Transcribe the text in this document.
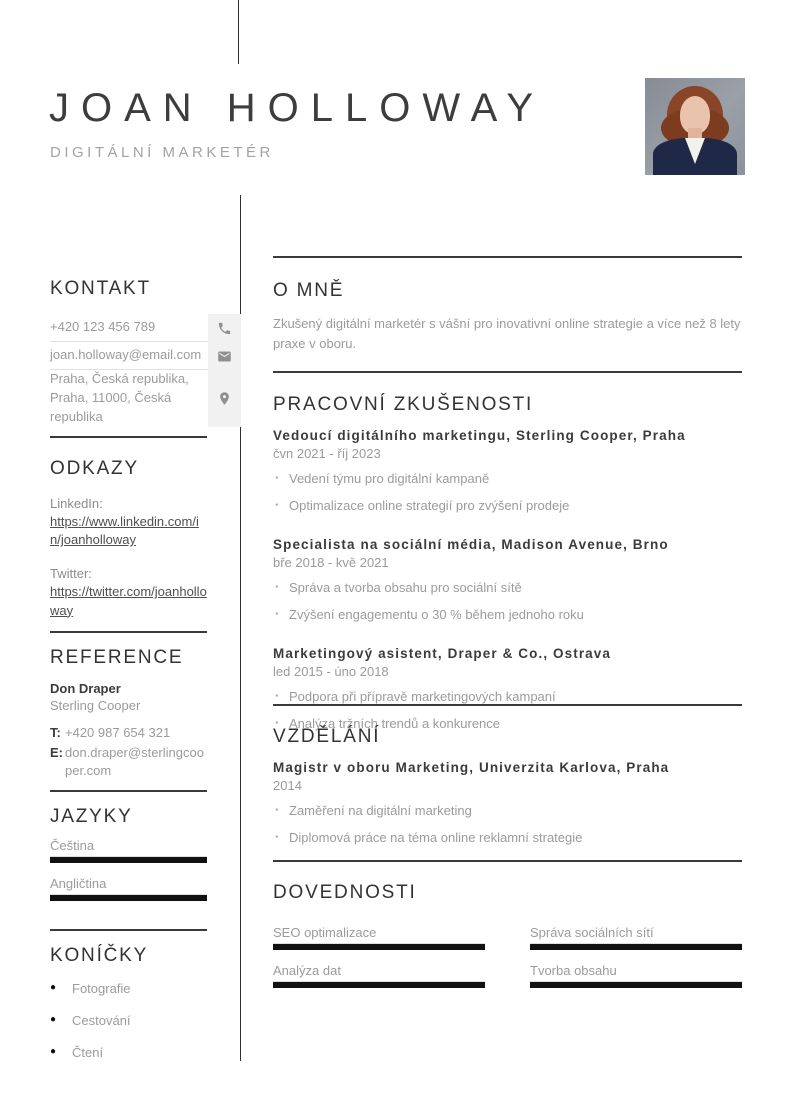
JOAN HOLLOWAY
DIGITÁLNÍ MARKETÉR
KONTAKT
+420 123 456 789
joan.holloway@email.com
Praha, Česká republika,
Praha, 11000, Česká republika
ODKAZY
LinkedIn:
https://www.linkedin.com/in/joanholloway
Twitter:
https://twitter.com/joanholloway
REFERENCE
Don Draper
Sterling Cooper
T: +420 987 654 321
E: don.draper@sterlingcooper.com
JAZYKY
Čeština
Angličtina
KONÍČKY
● Fotografie
● Cestování
● Čtení
O MNĚ
Zkušený digitální marketér s vášní pro inovativní online strategie a více než 8 lety praxe v oboru.
PRACOVNÍ ZKUŠENOSTI
Vedoucí digitálního marketingu, Sterling Cooper, Praha
čvn 2021 - říj 2023
· Vedení týmu pro digitální kampaně
· Optimalizace online strategií pro zvýšení prodeje
Specialista na sociální média, Madison Avenue, Brno
bře 2018 - kvě 2021
· Správa a tvorba obsahu pro sociální sítě
· Zvýšení engagementu o 30 % během jednoho roku
Marketingový asistent, Draper & Co., Ostrava
led 2015 - úno 2018
· Podpora při přípravě marketingových kampaní
· Analýza tržních trendů a konkurence
VZDĚLÁNÍ
Magistr v oboru Marketing, Univerzita Karlova, Praha
2014
· Zaměření na digitální marketing
· Diplomová práce na téma online reklamní strategie
DOVEDNOSTI
SEO optimalizace	Správa sociálních sítí
Analýza dat	Tvorba obsahu
